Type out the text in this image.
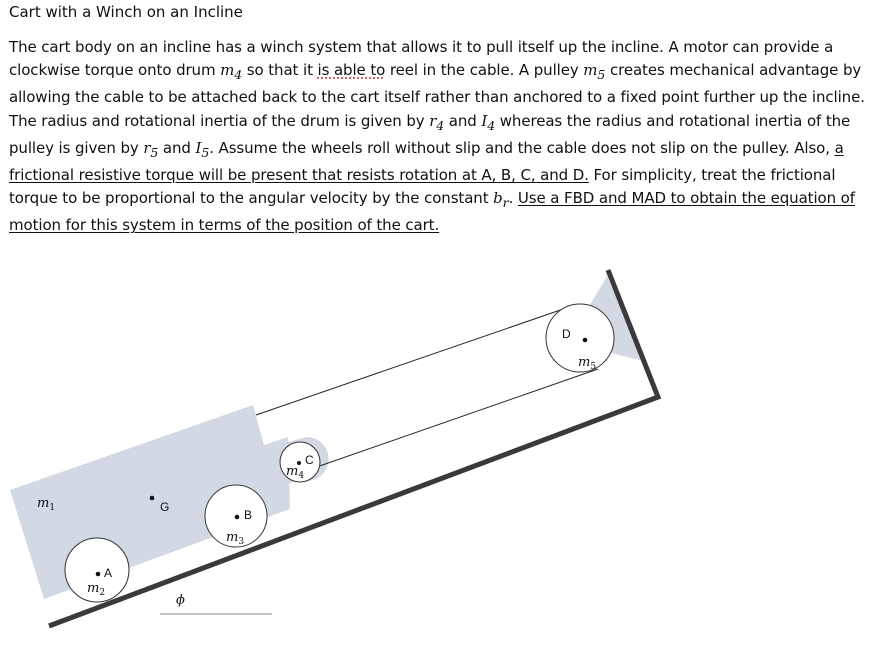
Cart with a Winch on an Incline
The cart body on an incline has a winch system that allows it to pull itself up the incline. A motor can provide a clockwise torque onto drum $m_4$ so that it is able to reel in the cable. A pulley $m_5$ creates mechanical advantage by allowing the cable to be attached back to the cart itself rather than anchored to a fixed point further up the incline. The radius and rotational inertia of the drum is given by $r_4$ and $I_4$ whereas the radius and rotational inertia of the pulley is given by $r_5$ and $I_5$. Assume the wheels roll without slip and the cable does not slip on the pulley. Also, a frictional resistive torque will be present that resists rotation at A, B, C, and D. For simplicity, treat the frictional torque to be proportional to the angular velocity by the constant $b_r$. Use a FBD and MAD to obtain the equation of motion for this system in terms of the position of the cart.
A
B
C
D
G
$m_1$
$m_2$
$m_3$
$m_4$
$m_5$
ϕ
